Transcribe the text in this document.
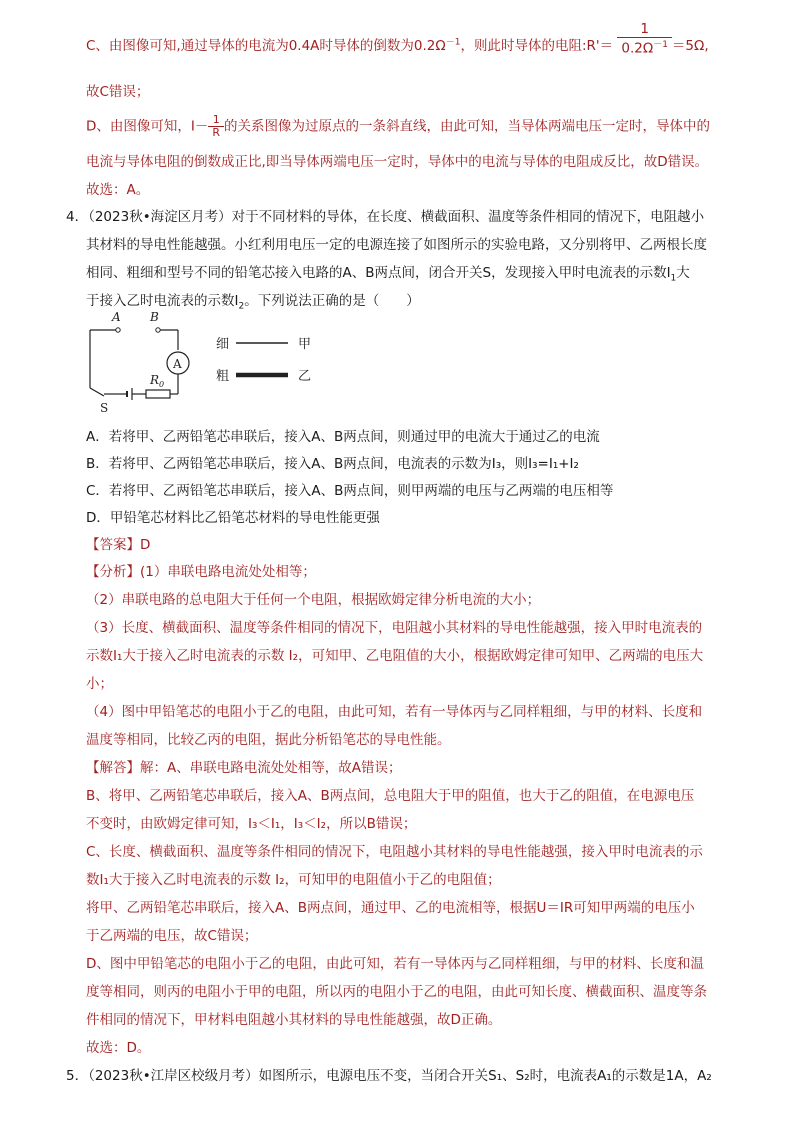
C、由图像可知,通过导体的电流为0.4A时导体的倒数为$0.2\Omega^{-1}$，则此时导体的电阻:R'＝ $\frac{1}{0.2\Omega^{-1}} =5\Omega$,
故C错误；
D、由图像可知，$I- \frac{1}{R}$ 的关系图像为过原点的一条斜直线，由此可知，当导体两端电压一定时，导体中的
电流与导体电阻的倒数成正比,即当导体两端电压一定时，导体中的电流与导体的电阻成反比，故D错误。
故选：A。
4．（2023秋•海淀区月考）对于不同材料的导体，在长度、横截面积、温度等条件相同的情况下，电阻越小
其材料的导电性能越强。小红利用电压一定的电源连接了如图所示的实验电路，又分别将甲、乙两根长度
相同、粗细和型号不同的铅笔芯接入电路的A、B两点间，闭合开关S，发现接入甲时电流表的示数$I_1$大
于接入乙时电流表的示数$I_2$。下列说法正确的是（　　）
A B
A
$R_0$
S
细
粗
甲
乙
A．若将甲、乙两铅笔芯串联后，接入A、B两点间，则通过甲的电流大于通过乙的电流
B．若将甲、乙两铅笔芯串联后，接入A、B两点间，电流表的示数为I₃，则I₃=I₁+I₂
C．若将甲、乙两铅笔芯串联后，接入A、B两点间，则甲两端的电压与乙两端的电压相等
D．甲铅笔芯材料比乙铅笔芯材料的导电性能更强
【答案】D
【分析】(1）串联电路电流处处相等；
（2）串联电路的总电阻大于任何一个电阻，根据欧姆定律分析电流的大小；
（3）长度、横截面积、温度等条件相同的情况下，电阻越小其材料的导电性能越强，接入甲时电流表的
示数I₁大于接入乙时电流表的示数 I₂，可知甲、乙电阻值的大小，根据欧姆定律可知甲、乙两端的电压大
小；
（4）图中甲铅笔芯的电阻小于乙的电阻，由此可知，若有一导体丙与乙同样粗细，与甲的材料、长度和
温度等相同，比较乙丙的电阻，据此分析铅笔芯的导电性能。
【解答】解：A、串联电路电流处处相等，故A错误；
B、将甲、乙两铅笔芯串联后，接入A、B两点间，总电阻大于甲的阻值，也大于乙的阻值，在电源电压
不变时，由欧姆定律可知，I₃＜I₁，I₃＜I₂，所以B错误；
C、长度、横截面积、温度等条件相同的情况下，电阻越小其材料的导电性能越强，接入甲时电流表的示
数I₁大于接入乙时电流表的示数 I₂，可知甲的电阻值小于乙的电阻值；
将甲、乙两铅笔芯串联后，接入A、B两点间，通过甲、乙的电流相等，根据U＝IR可知甲两端的电压小
于乙两端的电压，故C错误；
D、图中甲铅笔芯的电阻小于乙的电阻，由此可知，若有一导体丙与乙同样粗细，与甲的材料、长度和温
度等相同，则丙的电阻小于甲的电阻，所以丙的电阻小于乙的电阻，由此可知长度、横截面积、温度等条
件相同的情况下，甲材料电阻越小其材料的导电性能越强，故D正确。
故选：D。
5．（2023秋•江岸区校级月考）如图所示，电源电压不变，当闭合开关S₁、S₂时，电流表A₁的示数是1A，A₂
